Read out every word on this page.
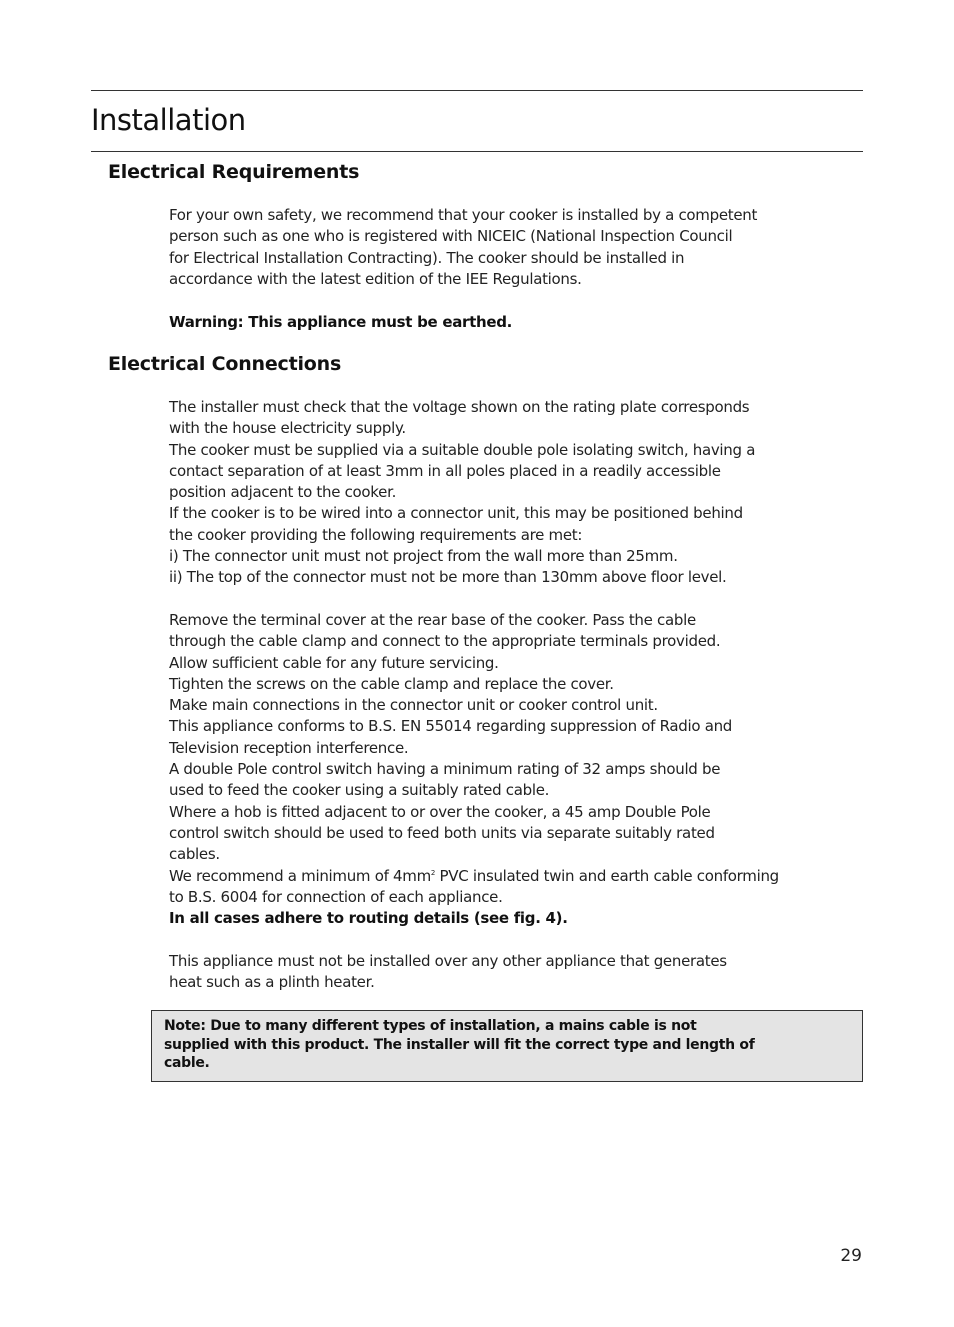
Installation
Electrical Requirements
For your own safety, we recommend that your cooker is installed by a competent
person such as one who is registered with NICEIC (National Inspection Council
for Electrical Installation Contracting). The cooker should be installed in
accordance with the latest edition of the IEE Regulations.
Warning: This appliance must be earthed.
Electrical Connections
The installer must check that the voltage shown on the rating plate corresponds
with the house electricity supply.
The cooker must be supplied via a suitable double pole isolating switch, having a
contact separation of at least 3mm in all poles placed in a readily accessible
position adjacent to the cooker.
If the cooker is to be wired into a connector unit, this may be positioned behind
the cooker providing the following requirements are met:
i) The connector unit must not project from the wall more than 25mm.
ii) The top of the connector must not be more than 130mm above floor level.
Remove the terminal cover at the rear base of the cooker. Pass the cable
through the cable clamp and connect to the appropriate terminals provided.
Allow sufficient cable for any future servicing.
Tighten the screws on the cable clamp and replace the cover.
Make main connections in the connector unit or cooker control unit.
This appliance conforms to B.S. EN 55014 regarding suppression of Radio and
Television reception interference.
A double Pole control switch having a minimum rating of 32 amps should be
used to feed the cooker using a suitably rated cable.
Where a hob is fitted adjacent to or over the cooker, a 45 amp Double Pole
control switch should be used to feed both units via separate suitably rated
cables.
We recommend a minimum of $4mm^2$ PVC insulated twin and earth cable conforming
to B.S. 6004 for connection of each appliance.
In all cases adhere to routing details (see fig. 4).
This appliance must not be installed over any other appliance that generates
heat such as a plinth heater.
Note: Due to many different types of installation, a mains cable is not
supplied with this product. The installer will fit the correct type and length of
cable.
29
